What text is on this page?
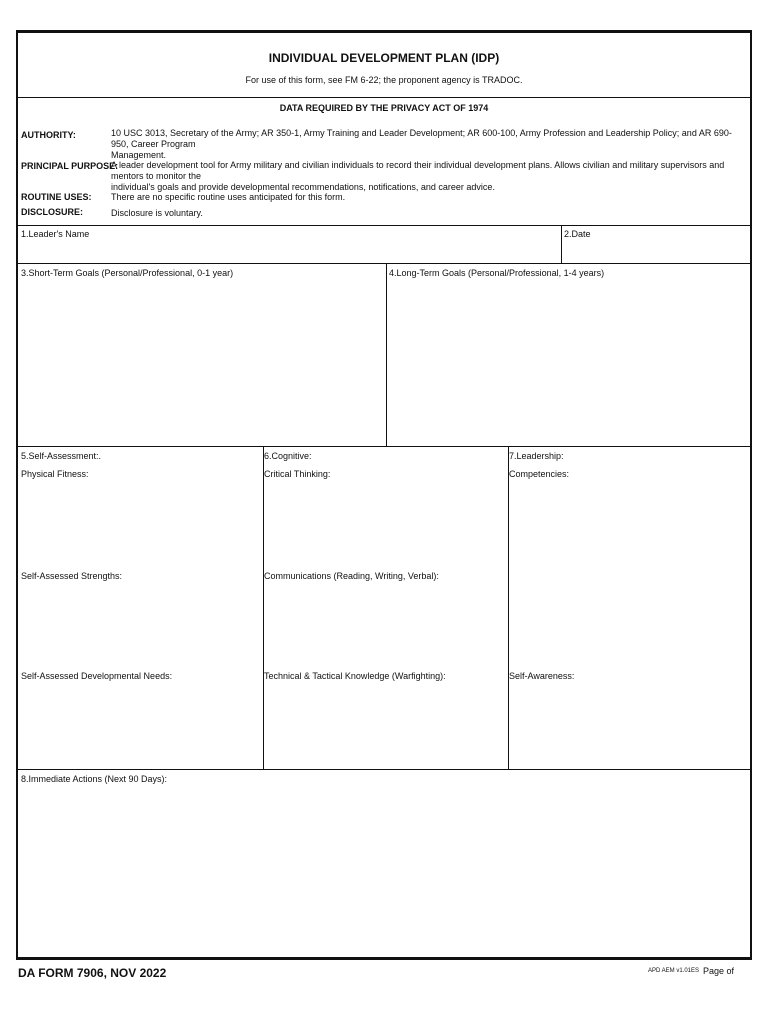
INDIVIDUAL DEVELOPMENT PLAN (IDP)
For use of this form, see FM 6-22; the proponent agency is TRADOC.
DATA REQUIRED BY THE PRIVACY ACT OF 1974
AUTHORITY:	10 USC 3013, Secretary of the Army; AR 350-1, Army Training and Leader Development; AR 600-100, Army Profession and Leadership Policy; and AR 690-950, Career Program
Management.
PRINCIPAL PURPOSE:
A leader development tool for Army military and civilian individuals to record their individual development plans. Allows civilian and military supervisors and mentors to monitor the
individual's goals and provide developmental recommendations, notifications, and career advice.
ROUTINE USES: There are no specific routine uses anticipated for this form.
DISCLOSURE:	Disclosure is voluntary.
1.Leader's Name	2.Date
3.Short-Term Goals (Personal/Professional, 0-1 year)	4.Long-Term Goals (Personal/Professional, 1-4 years)
5.Self-Assessment:.
Physical Fitness:
Self-Assessed Strengths:
Self-Assessed Developmental Needs:
6.Cognitive:
Critical Thinking:
Communications (Reading, Writing, Verbal):
Technical & Tactical Knowledge (Warfighting):
7.Leadership:
Competencies:
Self-Awareness:
8.Immediate Actions (Next 90 Days):
DA FORM 7906, NOV 2022	APD AEM v1.01ES Page of
